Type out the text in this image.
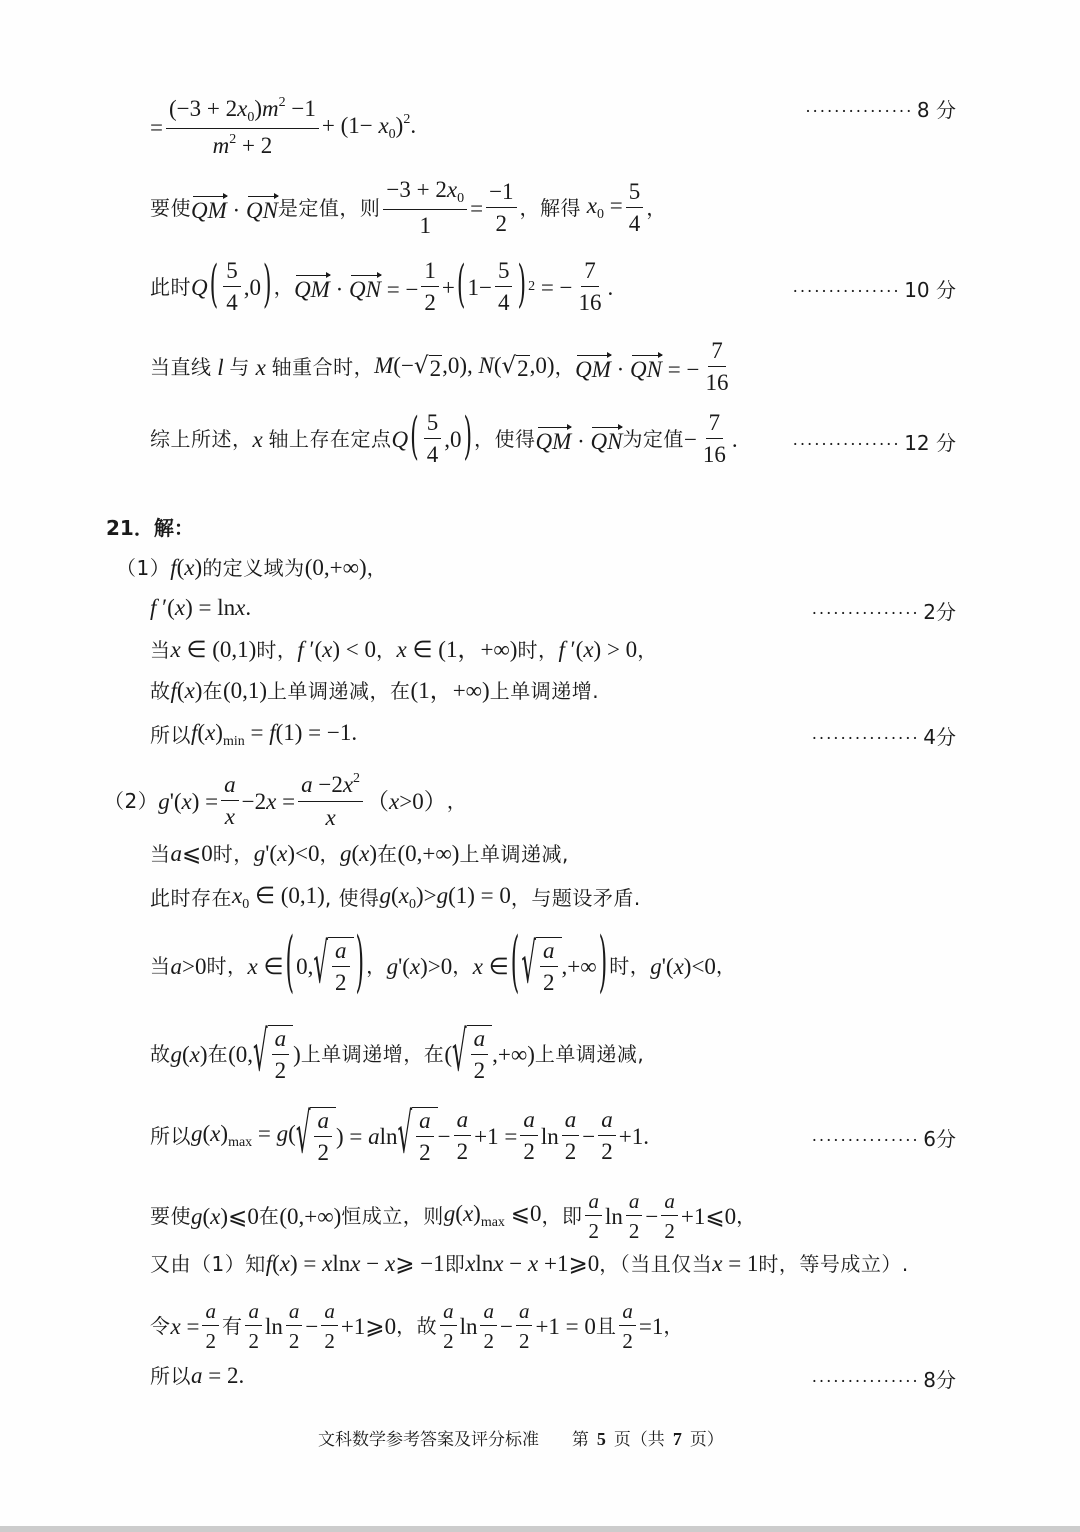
= $\frac{(-3 + 2x_0)m^2 -1}{m^2 + 2} + (1- x_0)^2$.
··············· 8 分
要使 QM · QN 是定值，则 $\frac{-3 + 2x_0}{1} = \frac{-1}{2}$ ，解得 $x_0 = \frac{5}{4}$ ，
此时 Q ( $\frac{5}{4} ,0$ ) ， QM · QN = − $\frac{1}{2}$ + ( $1- \frac{5}{4}$ ) 2 = − $\frac{7}{16}$ .	··············· 10 分
当直线 l 与 x 轴重合时， M(− √ 2 ,0), N( √ 2 ,0) ， QM · QN = − $\frac{7}{16}$
综上所述， x 轴上存在定点 Q ( $\frac{5}{4} ,0$ ) ，使得 QM · QN 为定值 − $\frac{7}{16}$ .	··············· 12 分
21．解：
（1） f(x) 的定义域为 (0,+∞) ，
f ′(x) = lnx.	··············· 2分
当 x ∈ (0,1) 时， f ′(x) < 0 ， x ∈ (1，+∞) 时， f ′(x) > 0 ，
故 f(x) 在 (0,1) 上单调递减，在 (1，+∞) 上单调递增.
所以 $f(x)_{min} = f(1) = -1$.	··············· 4分
（2） $g'(x) = \frac{a}{x} -2x = \frac{a -2x^2}{x} (x>0)$ ，
当 a⩽0 时， g'(x)<0 ， g(x) 在 (0,+∞) 上单调递减,
此时存在 $x_0$ ∈ (0,1) , 使得 $g(x_0)>g(1) = 0$ ，与题设矛盾.
当 a>0 时， x ∈ ( 0, √ $\frac{a}{2}$ ) ， g'(x)>0 ， x ∈ ( √ $\frac{a}{2}$ ,+∞ ) 时， g'(x)<0 ，
故 g(x) 在 (0, √ $\frac{a}{2}$ ) 上单调递增，在 ( √ $\frac{a}{2}$ ,+∞) 上单调递减,
所以 $g(x)_{max} = g$( √ $\frac{a}{2}$ ) = aln √ $\frac{a}{2} - \frac{a}{2} +1 = \frac{a}{2}$ $\ln \frac{a}{2} - \frac{a}{2} +1$.	··············· 6分
要使 g(x)⩽0 在 (0,+∞) 恒成立，则 $g(x)_{max}$ ⩽0 ，即 $\frac{a}{2}$ $\ln \frac{a}{2} - \frac{a}{2}$ +1⩽0 ，
又由（1）知 f(x) = xlnx − x⩾ −1 即 xlnx − x +1⩾0 ，（当且仅当 x = 1 时，等号成立）.
令 $x = \frac{a}{2}$ 有 $\frac{a}{2}$ $\ln \frac{a}{2} - \frac{a}{2}$ +1⩾0 ，故 $\frac{a}{2}$ $\ln \frac{a}{2} - \frac{a}{2} +1 = 0$ 且 $\frac{a}{2} =1$ ，
所以 a = 2.	··············· 8分
文科数学参考答案及评分标准 第 5 页（共 7 页）
